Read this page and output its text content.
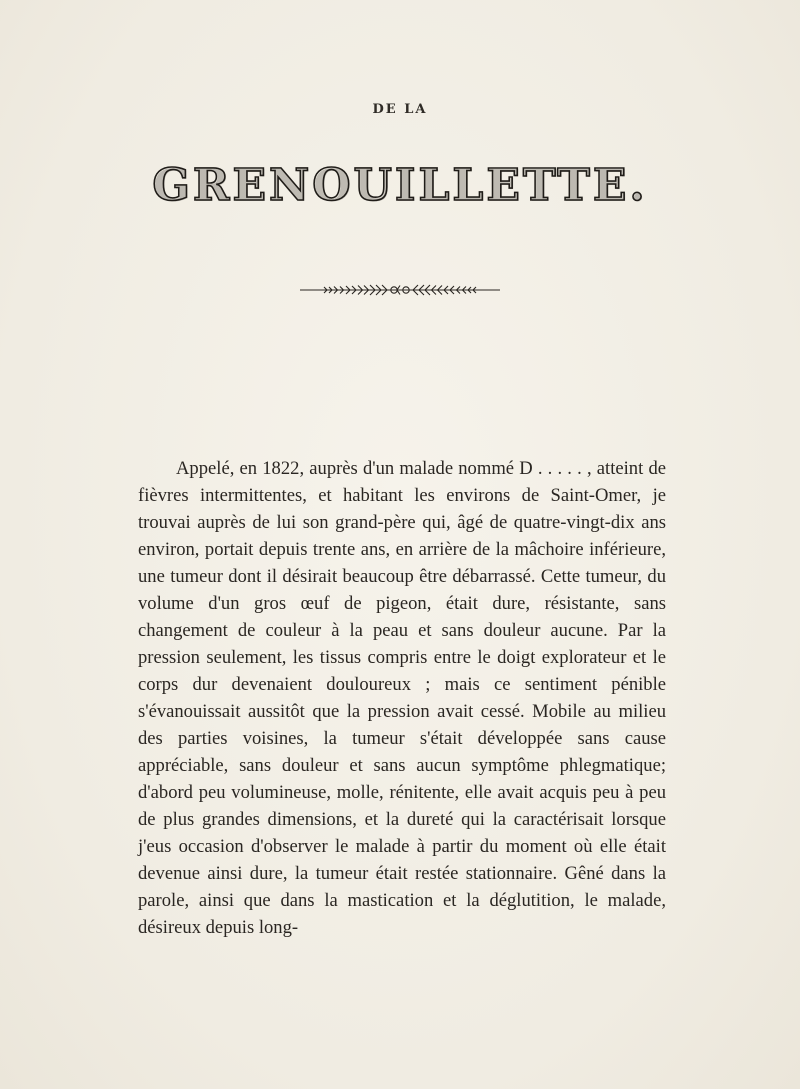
DE LA
GRENOUILLETTE.

Appelé, en 1822, auprès d'un malade nommé D . . . . . , atteint de fièvres intermittentes, et habitant les environs de Saint-Omer, je trouvai auprès de lui son grand-père qui, âgé de quatre-vingt-dix ans environ, portait depuis trente ans, en arrière de la mâchoire inférieure, une tumeur dont il désirait beaucoup être débarrassé. Cette tumeur, du volume d'un gros œuf de pigeon, était dure, résistante, sans changement de couleur à la peau et sans douleur aucune. Par la pression seulement, les tissus compris entre le doigt explorateur et le corps dur devenaient douloureux ; mais ce sentiment pénible s'évanouissait aussitôt que la pression avait cessé. Mobile au milieu des parties voisines, la tumeur s'était développée sans cause appréciable, sans douleur et sans aucun symptôme phlegmatique; d'abord peu volumineuse, molle, rénitente, elle avait acquis peu à peu de plus grandes dimensions, et la dureté qui la caractérisait lorsque j'eus occasion d'observer le malade à partir du moment où elle était devenue ainsi dure, la tumeur était restée stationnaire. Gêné dans la parole, ainsi que dans la mastication et la déglutition, le malade, désireux depuis long-
